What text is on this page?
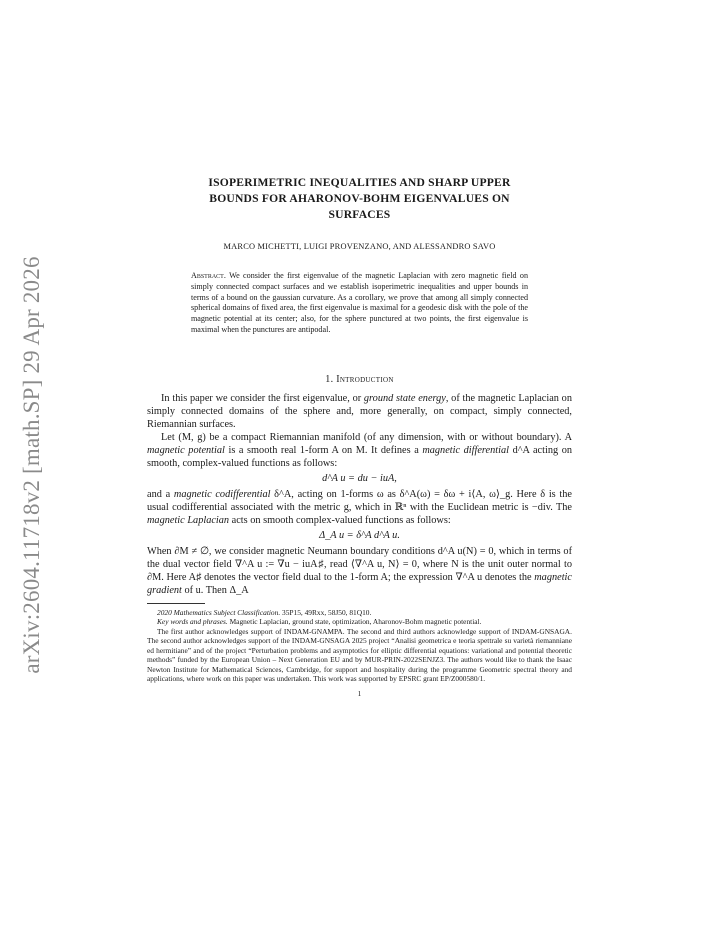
arXiv:2604.11718v2 [math.SP] 29 Apr 2026

ISOPERIMETRIC INEQUALITIES AND SHARP UPPER

BOUNDS FOR AHARONOV-BOHM EIGENVALUES ON

SURFACES

MARCO MICHETTI, LUIGI PROVENZANO, AND ALESSANDRO SAVO
Abstract. We consider the first eigenvalue of the magnetic Laplacian with zero magnetic field on simply connected compact surfaces and we establish isoperimetric inequalities and upper bounds in terms of a bound on the gaussian curvature. As a corollary, we prove that among all simply connected spherical domains of fixed area, the first eigenvalue is maximal for a geodesic disk with the pole of the magnetic potential at its center; also, for the sphere punctured at two points, the first eigenvalue is maximal when the punctures are antipodal.
1. Introduction

In this paper we consider the first eigenvalue, or ground state energy, of the magnetic Laplacian on simply connected domains of the sphere and, more generally, on compact, simply connected, Riemannian surfaces.

Let (M, g) be a compact Riemannian manifold (of any dimension, with or without boundary). A magnetic potential is a smooth real 1-form A on M. It defines a magnetic differential d^A acting on smooth, complex-valued functions as follows:

d^A u = du − iuA,

and a magnetic codifferential δ^A, acting on 1-forms ω as δ^A(ω) = δω + i⟨A, ω⟩_g. Here δ is the usual codifferential associated with the metric g, which in ℝⁿ with the Euclidean metric is −div. The magnetic Laplacian acts on smooth complex-valued functions as follows:

Δ_A u = δ^A d^A u.

When ∂M ≠ ∅, we consider magnetic Neumann boundary conditions d^A u(N) = 0, which in terms of the dual vector field ∇^A u := ∇u − iuA♯, read ⟨∇^A u, N⟩ = 0, where N is the unit outer normal to ∂M. Here A♯ denotes the vector field dual to the 1-form A; the expression ∇^A u denotes the magnetic gradient of u. Then Δ_A

2020 Mathematics Subject Classification. 35P15, 49Rxx, 58J50, 81Q10.

Key words and phrases. Magnetic Laplacian, ground state, optimization, Aharonov-Bohm magnetic potential.

The first author acknowledges support of INDAM-GNAMPA. The second and third authors acknowledge support of INDAM-GNSAGA. The second author acknowledges support of the INDAM-GNSAGA 2025 project “Analisi geometrica e teoria spettrale su varietà riemanniane ed hermitiane” and of the project “Perturbation problems and asymptotics for elliptic differential equations: variational and potential theoretic methods” funded by the European Union – Next Generation EU and by MUR-PRIN-2022SENJZ3. The authors would like to thank the Isaac Newton Institute for Mathematical Sciences, Cambridge, for support and hospitality during the programme Geometric spectral theory and applications, where work on this paper was undertaken. This work was supported by EPSRC grant EP/Z000580/1.

1
